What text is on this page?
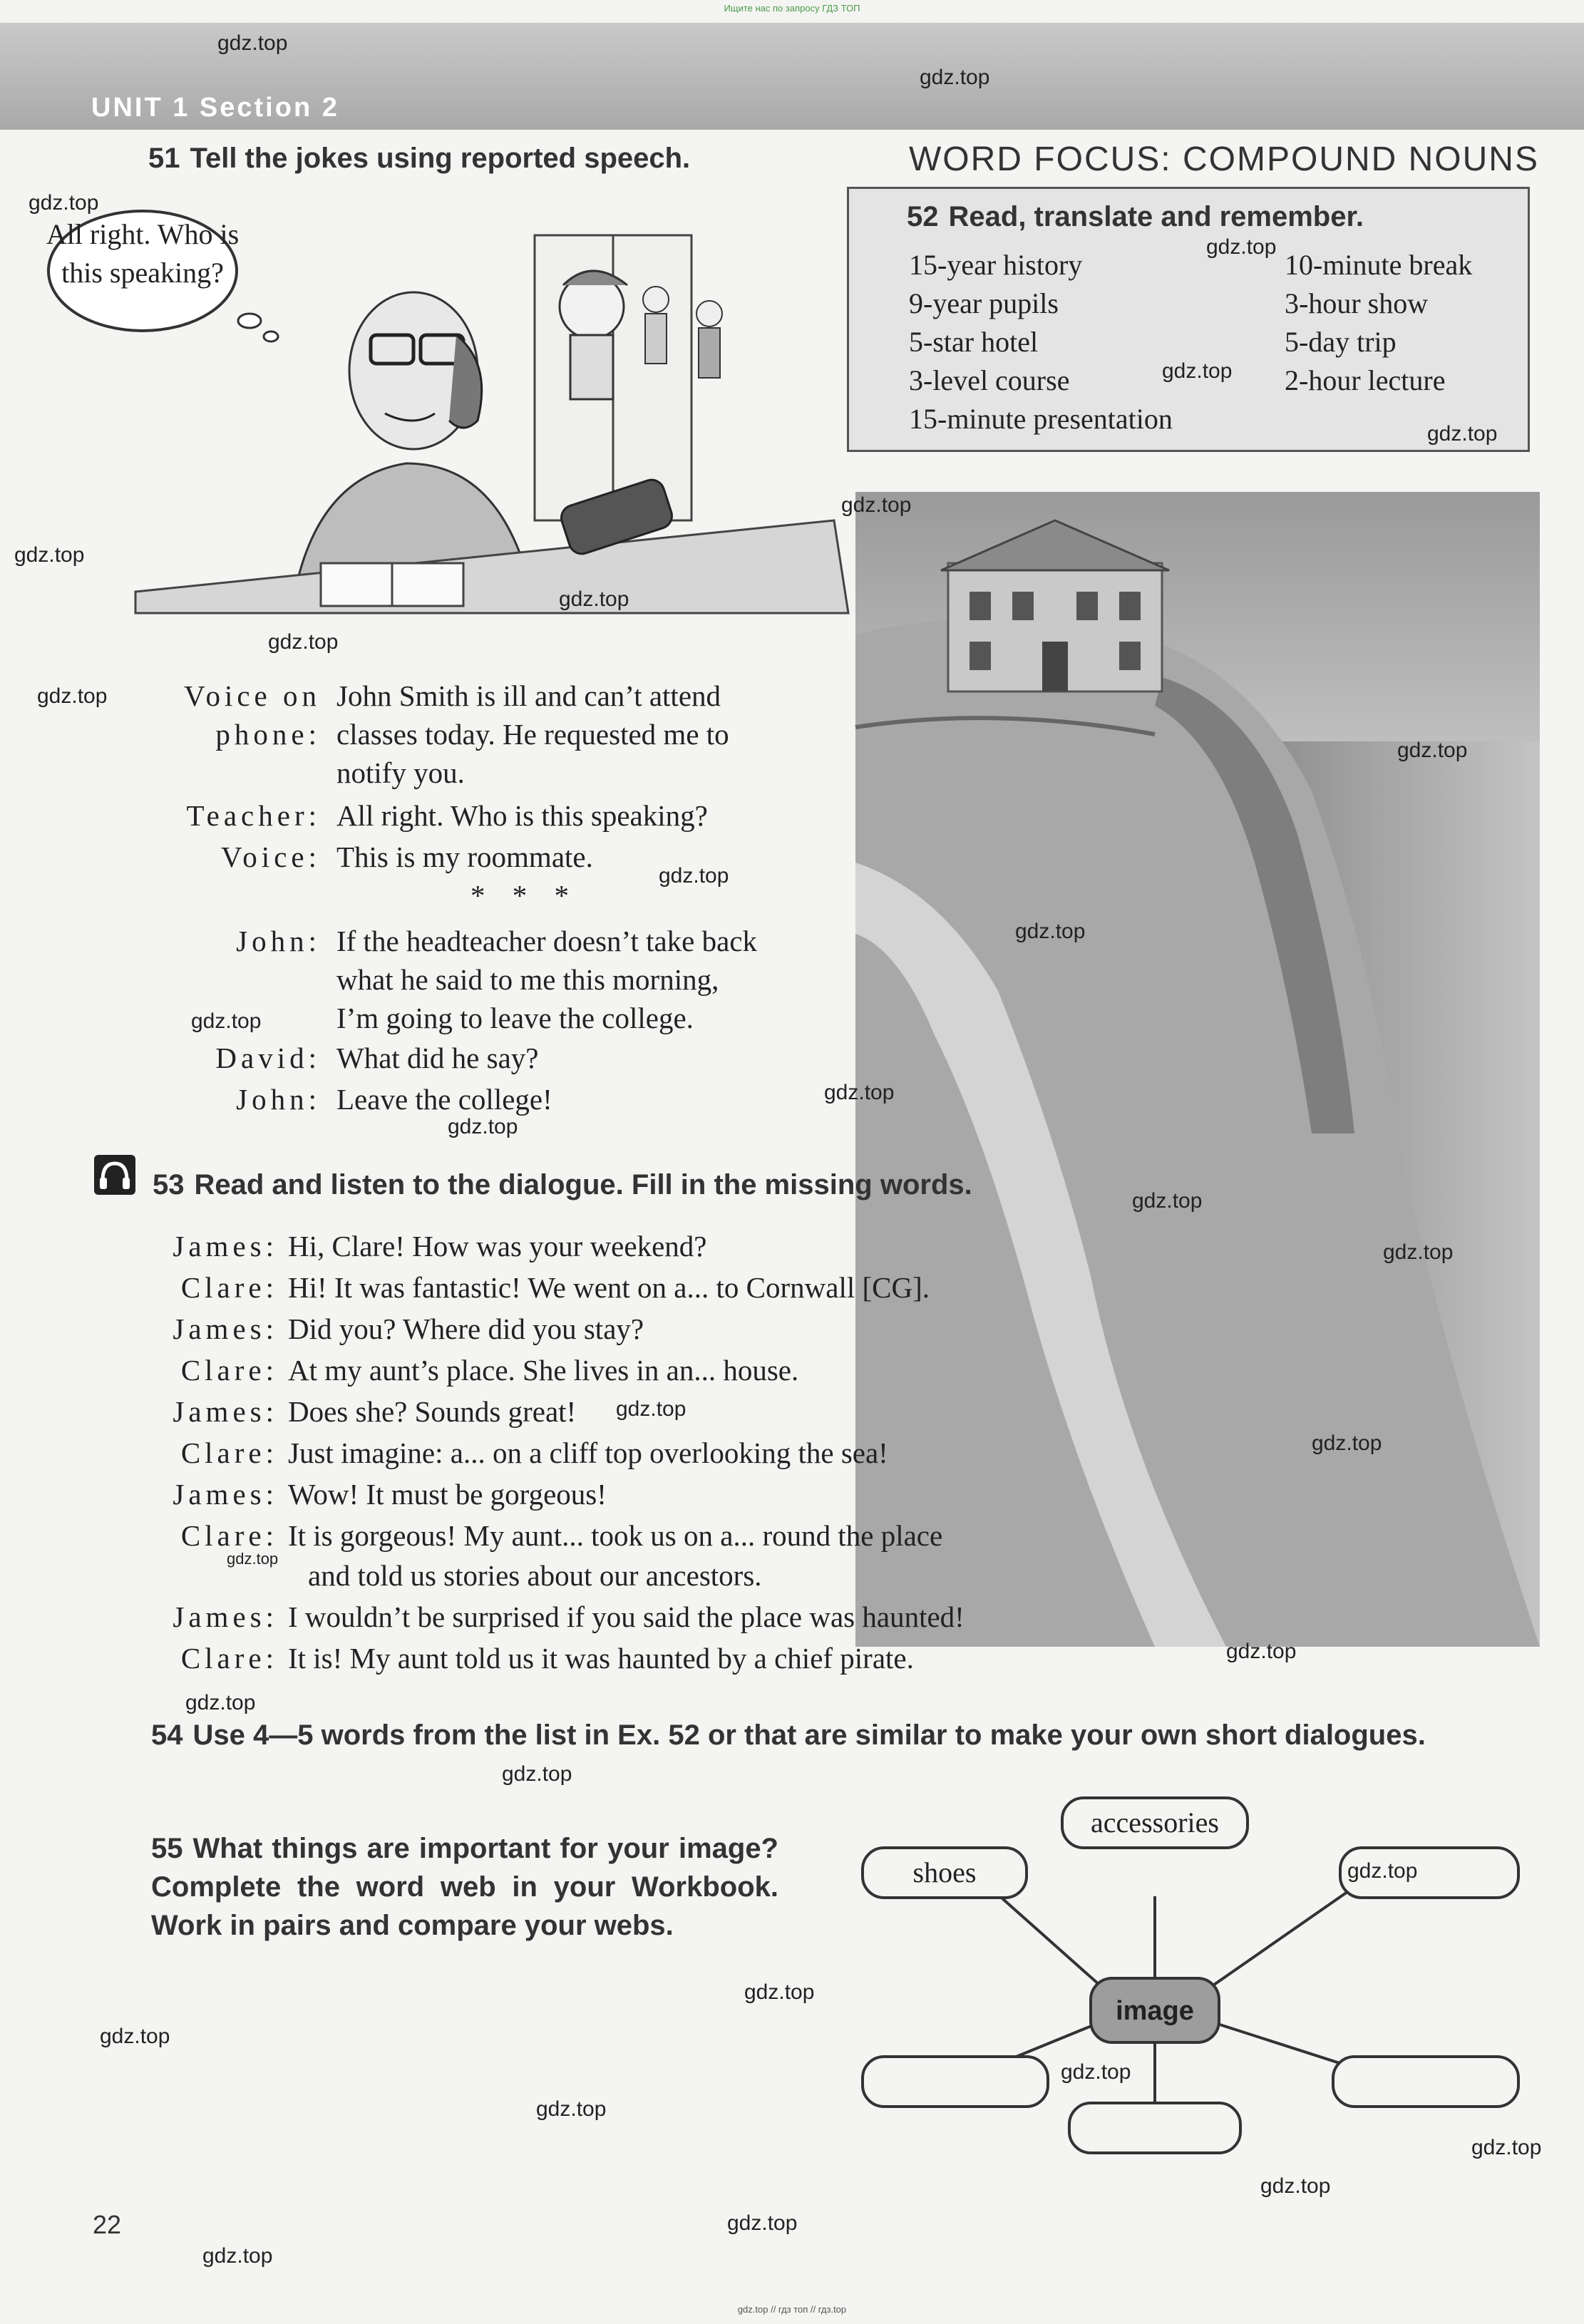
Ищите нас по запросу ГДЗ ТОП
UNIT 1 Section 2
51 Tell the jokes using reported speech.
All right. Who is
this speaking?
Voice on John Smith is ill and can’t attend
phone: classes today. He requested me to
notify you.
Teacher: All right. Who is this speaking?
Voice: This is my roommate.
* * *
John: If the headteacher doesn’t take back
what he said to me this morning,
I’m going to leave the college.
David: What did he say?
John: Leave the college!
WORD FOCUS: COMPOUND NOUNS
52 Read, translate and remember.
15-year history
9-year pupils
5-star hotel
3-level course
15-minute presentation
10-minute break
3-hour show
5-day trip
2-hour lecture
53 Read and listen to the dialogue. Fill in the missing words.
James: Hi, Clare! How was your weekend?
Clare: Hi! It was fantastic! We went on a... to Cornwall [CG].
James: Did you? Where did you stay?
Clare: At my aunt’s place. She lives in an... house.
James: Does she? Sounds great!
Clare: Just imagine: a... on a cliff top overlooking the sea!
James: Wow! It must be gorgeous!
Clare: It is gorgeous! My aunt... took us on a... round the place
and told us stories about our ancestors.
James: I wouldn’t be surprised if you said the place was haunted!
Clare: It is! My aunt told us it was haunted by a chief pirate.
54 Use 4—5 words from the list in Ex. 52 or that are similar to make your own short dialogues.
55 What things are important for your image? Complete the word web in your Workbook. Work in pairs and compare your webs.
accessories
shoes
image
22
gdz.top
gdz.top
gdz.top
gdz.top
gdz.top
gdz.top
gdz.top
gdz.top
gdz.top
gdz.top
gdz.top
gdz.top
gdz.top
gdz.top
gdz.top
gdz.top
gdz.top
gdz.top
gdz.top
gdz.top
gdz.top
gdz.top
gdz.top
gdz.top
gdz.top
gdz.top
gdz.top
gdz.top
gdz.top
gdz.top
gdz.top
gdz.top
gdz.top
gdz.top
gdz.top // гдз топ // гдз.top
